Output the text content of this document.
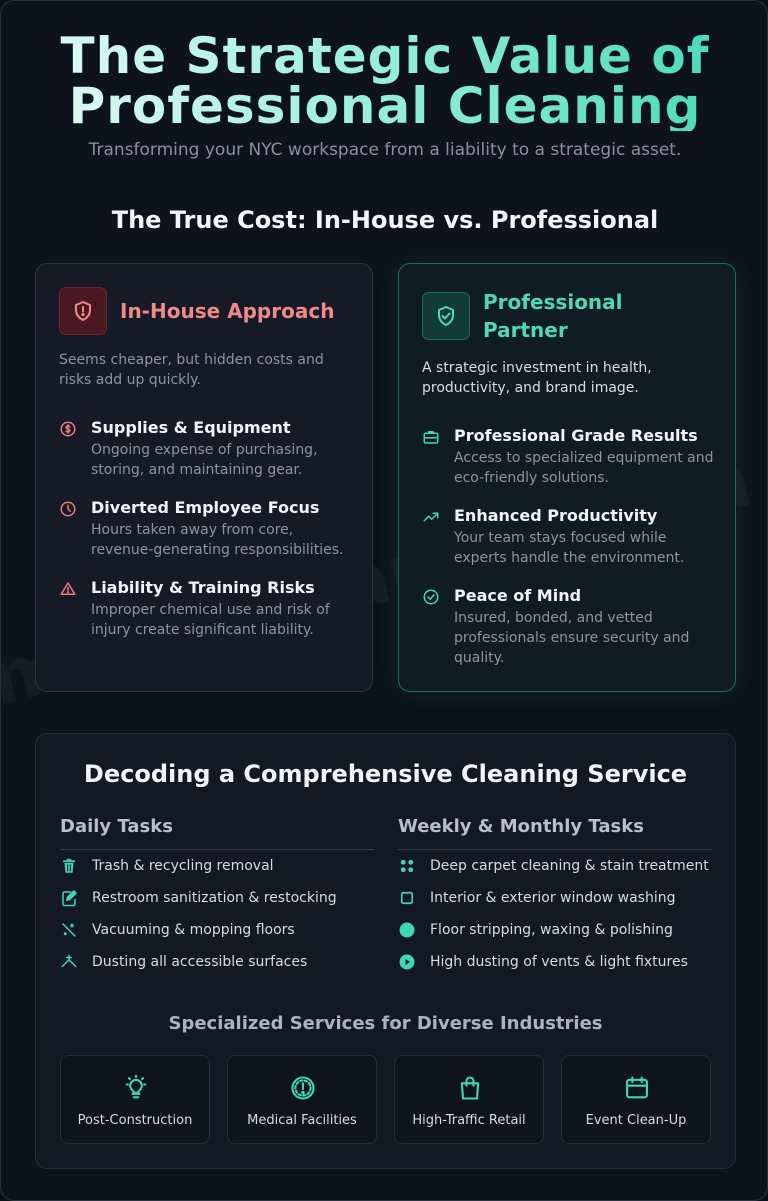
The Strategic Value of
Professional Cleaning
Transforming your NYC workspace from a liability to a strategic asset.
The True Cost: In-House vs. Professional
In-House Approach
Seems cheaper, but hidden costs and risks add up quickly.
Supplies & Equipment
Ongoing expense of purchasing, storing, and maintaining gear.
Diverted Employee Focus
Hours taken away from core, revenue-generating responsibilities.
Liability & Training Risks
Improper chemical use and risk of injury create significant liability.
Professional Partner
A strategic investment in health, productivity, and brand image.
Professional Grade Results
Access to specialized equipment and eco-friendly solutions.
Enhanced Productivity
Your team stays focused while experts handle the environment.
Peace of Mind
Insured, bonded, and vetted professionals ensure security and quality.
Decoding a Comprehensive Cleaning Service
Daily Tasks
Trash & recycling removal
Restroom sanitization & restocking
Vacuuming & mopping floors
Dusting all accessible surfaces
Weekly & Monthly Tasks
Deep carpet cleaning & stain treatment
Interior & exterior window washing
Floor stripping, waxing & polishing
High dusting of vents & light fixtures
Specialized Services for Diverse Industries
Post-Construction	Medical Facilities	High-Traffic Retail	Event Clean-Up
